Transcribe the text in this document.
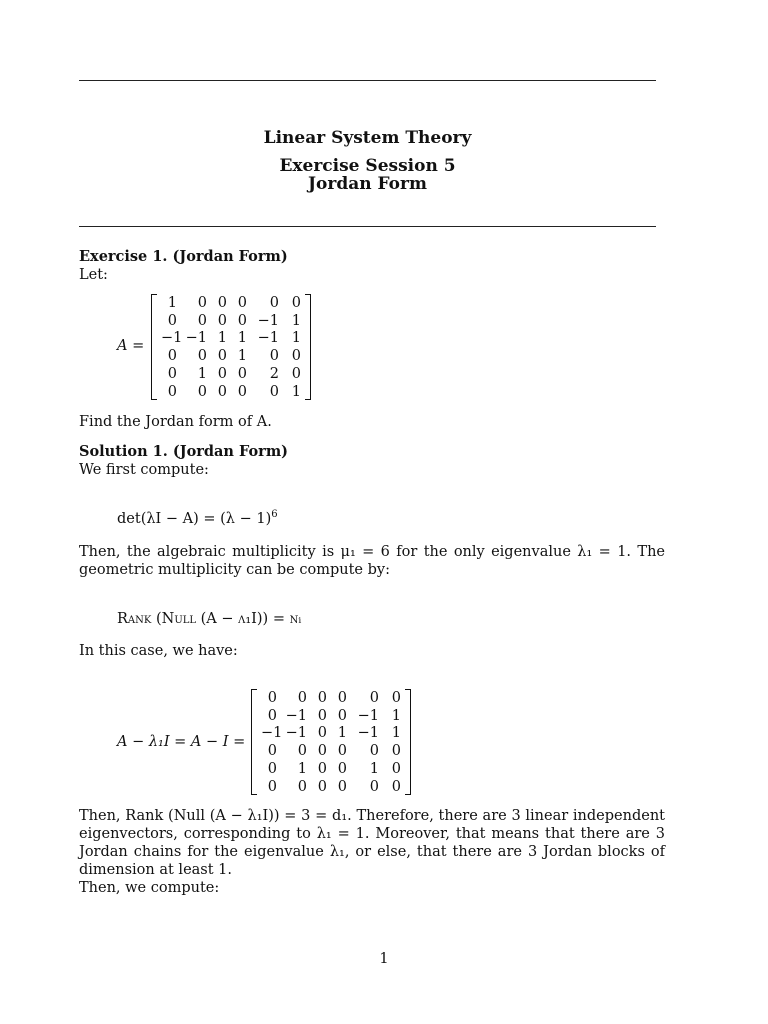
Linear System Theory
Exercise Session 5
Jordan Form
Exercise 1. (Jordan Form)
Let:
A =
1	0 0 0	0 0
0	0 0 0 −1 1
−1 −1 1 1 −1 1
0	0 0 1	0 0
0	1 0 0	2 0
0	0 0 0	0 1
Find the Jordan form of A.
Solution 1. (Jordan Form)
We first compute:
$\det(\lambda I - A) = (\lambda - 1)^6$
Then, the algebraic multiplicity is μ₁ = 6 for the only eigenvalue λ₁ = 1. The geometric multiplicity can be compute by:
Rank (Null (A − λ₁I)) = νᵢ
In this case, we have:
A − λ₁I = A − I =
0	0 0 0	0 0
0 −1 0 0 −1 1
−1 −1 0 1 −1 1
0	0 0 0	0 0
0	1 0 0	1 0
0	0 0 0	0 0
Then, Rank (Null (A − λ₁I)) = 3 = d₁. Therefore, there are 3 linear independent eigenvectors, corresponding to λ₁ = 1. Moreover, that means that there are 3 Jordan chains for the eigenvalue λ₁, or else, that there are 3 Jordan blocks of dimension at least 1.
Then, we compute:
1
